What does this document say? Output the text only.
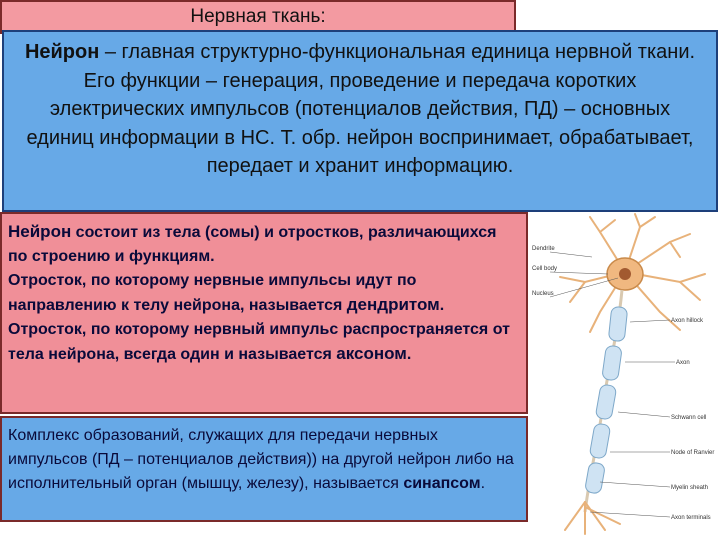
Нервная ткань:
Нейрон – главная структурно-функциональная единица нервной ткани. Его функции – генерация, проведение и передача коротких электрических импульсов (потенциалов действия, ПД) – основных единиц информации в НС. Т. обр. нейрон воспринимает, обрабатывает, передает и хранит информацию.
Нейрон состоит из тела (сомы) и отростков, различающихся по строению и функциям.
Отросток, по которому нервные импульсы идут по направлению к телу нейрона, называется дендритом.
Отросток, по которому нервный импульс распространяется от тела нейрона, всегда один и называется аксоном.
Комплекс образований, служащих для передачи нервных импульсов (ПД – потенциалов действия)) на другой нейрон либо на исполнительный орган (мышцу, железу), называется синапсом.
Dendrite
Cell body
Nucleus
Axon hillock
Axon
Schwann cell
Node of Ranvier
Myelin sheath
Axon terminals
